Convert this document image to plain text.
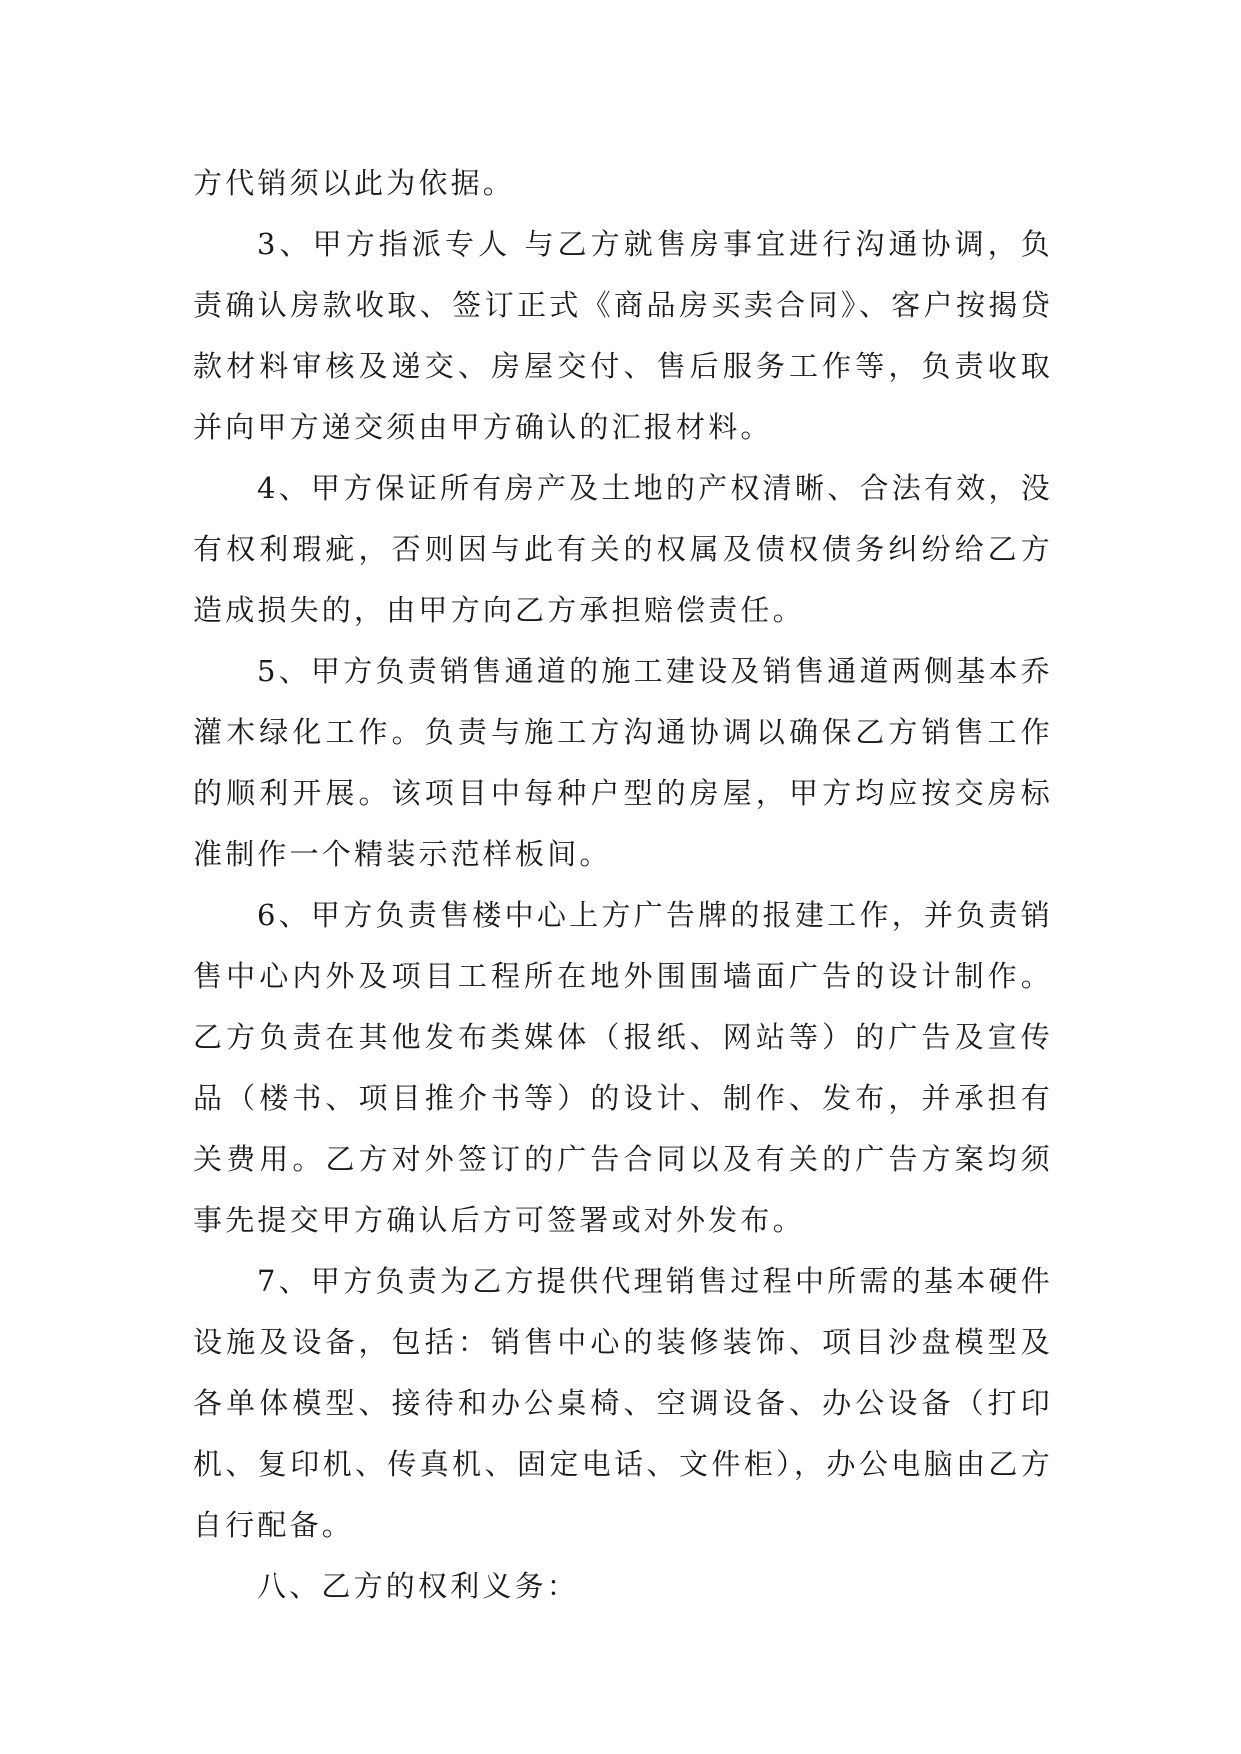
方代销须以此为依据。

3、甲方指派专人 与乙方就售房事宜进行沟通协调，负责确认房款收取、签订正式《商品房买卖合同》、客户按揭贷款材料审核及递交、房屋交付、售后服务工作等，负责收取并向甲方递交须由甲方确认的汇报材料。

4、甲方保证所有房产及土地的产权清晰、合法有效，没有权利瑕疵，否则因与此有关的权属及债权债务纠纷给乙方造成损失的，由甲方向乙方承担赔偿责任。

5、甲方负责销售通道的施工建设及销售通道两侧基本乔灌木绿化工作。负责与施工方沟通协调以确保乙方销售工作的顺利开展。该项目中每种户型的房屋，甲方均应按交房标准制作一个精装示范样板间。

6、甲方负责售楼中心上方广告牌的报建工作，并负责销售中心内外及项目工程所在地外围围墙面广告的设计制作。乙方负责在其他发布类媒体（报纸、网站等）的广告及宣传品（楼书、项目推介书等）的设计、制作、发布，并承担有关费用。乙方对外签订的广告合同以及有关的广告方案均须事先提交甲方确认后方可签署或对外发布。

7、甲方负责为乙方提供代理销售过程中所需的基本硬件设施及设备，包括：销售中心的装修装饰、项目沙盘模型及各单体模型、接待和办公桌椅、空调设备、办公设备（打印机、复印机、传真机、固定电话、文件柜），办公电脑由乙方自行配备。

八、乙方的权利义务：
